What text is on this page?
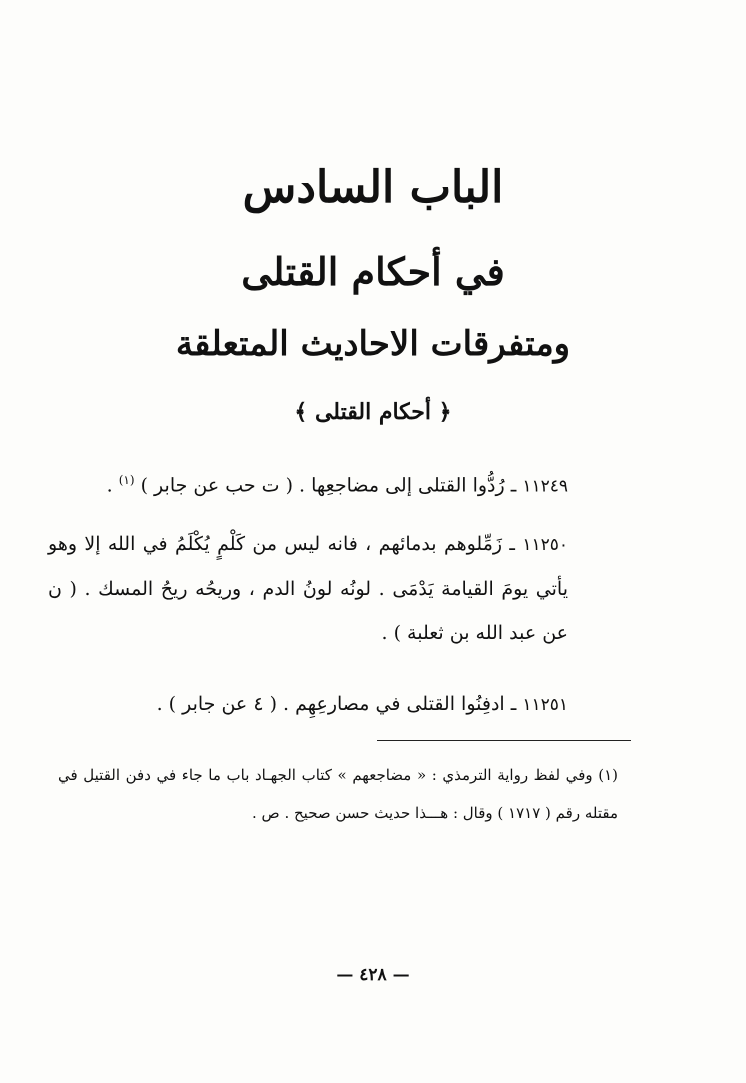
الباب السادس
في أحكام القتلى
ومتفرقات الاحاديث المتعلقة
﴿ أحكام القتلى ﴾
١١٢٤٩ ـ رُدُّوا القتلى إلى مضاجعِها . ( ت حب عن جابر ) $^{(١)}$ .
١١٢٥٠ ـ زَمِّلوهم بدمائهم ، فانه ليس من كَلْمٍ يُكْلَمُ في الله إلا وهو يأتي يومَ القيامة يَدْمَى . لونُه لونُ الدم ، وريحُه ريحُ المسك . ( ن عن عبد الله بن ثعلبة ) .
١١٢٥١ ـ ادفِنُوا القتلى في مصارعِهِم . ( ٤ عن جابر ) .
(١) وفي لفظ رواية الترمذي : « مضاجعهم » كتاب الجهـاد باب ما جاء في دفن القتيل في مقتله رقم ( ١٧١٧ ) وقال : هـــذا حديث حسن صحيح . ص .
— ٤٢٨ —
